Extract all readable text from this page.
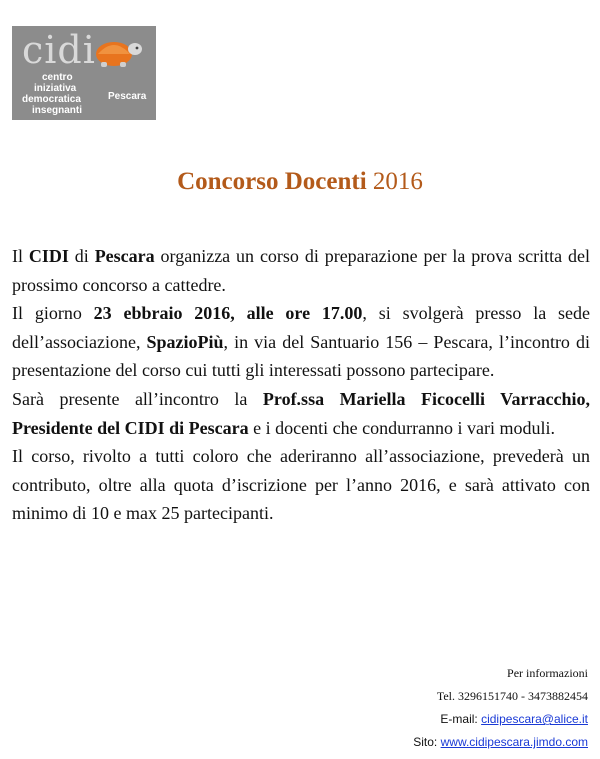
cidi
centro
iniziativa
democratica
insegnanti
Pescara
Concorso Docenti 2016

Il CIDI di Pescara organizza un corso di preparazione per la prova scritta del prossimo concorso a cattedre.

Il giorno 23 ebbraio 2016, alle ore 17.00, si svolgerà presso la sede dell’associazione, SpazioPiù, in via del Santuario 156 – Pescara, l’incontro di presentazione del corso cui tutti gli interessati possono partecipare.

Sarà presente all’incontro la Prof.ssa Mariella Ficocelli Varracchio, Presidente del CIDI di Pescara e i docenti che condurranno i vari moduli.

Il corso, rivolto a tutti coloro che aderiranno all’associazione, prevederà un contributo, oltre alla quota d’iscrizione per l’anno 2016, e sarà attivato con minimo di 10 e max 25 partecipanti.

Per informazioni
Tel. 3296151740 - 3473882454
E-mail: cidipescara@alice.it
Sito: www.cidipescara.jimdo.com
